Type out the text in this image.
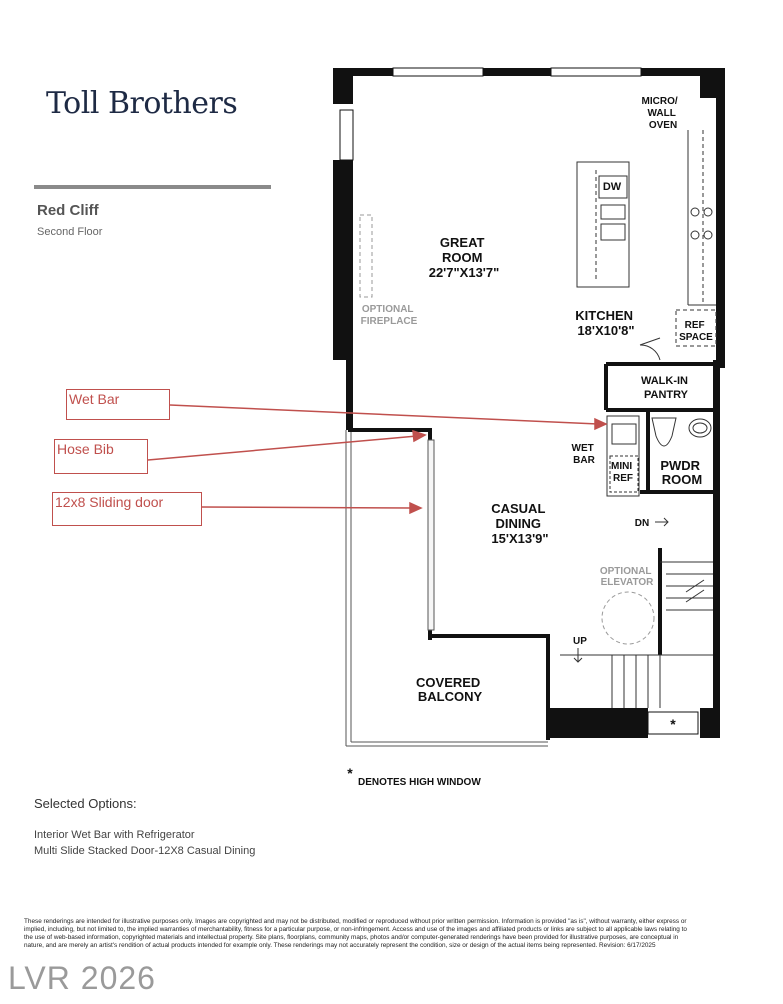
Toll Brothers
Red Cliff
Second Floor
MICRO/ WALL OVEN
DW
GREAT ROOM 22'7"X13'7"
OPTIONAL FIREPLACE	KITCHEN 18'X10'8"	REF SPACE
WALK-IN PANTRY
WET BAR
MINI REF
PWDR ROOM
DN
CASUAL DINING 15'X13'9"
OPTIONAL ELEVATOR
UP
COVERED BALCONY
*
*
DENOTES HIGH WINDOW
Wet Bar
Hose Bib
12x8 Sliding door
Selected Options:
Interior Wet Bar with Refrigerator
Multi Slide Stacked Door-12X8 Casual Dining
These renderings are intended for illustrative purposes only. Images are copyrighted and may not be distributed, modified or reproduced without prior written permission. Information is provided "as is", without warranty, either express or implied, including, but not limited to, the implied warranties of merchantability, fitness for a particular purpose, or non-infringement. Access and use of the images and affiliated products or links are subject to all applicable laws relating to the use of web-based information, copyrighted materials and intellectual property. Site plans, floorplans, community maps, photos and/or computer-generated renderings have been provided for illustrative purposes, are conceptual in nature, and are merely an artist's rendition of actual products intended for example only. These renderings may not accurately represent the condition, size or design of the actual items being represented. Revision: 6/17/2025
LVR 2026
